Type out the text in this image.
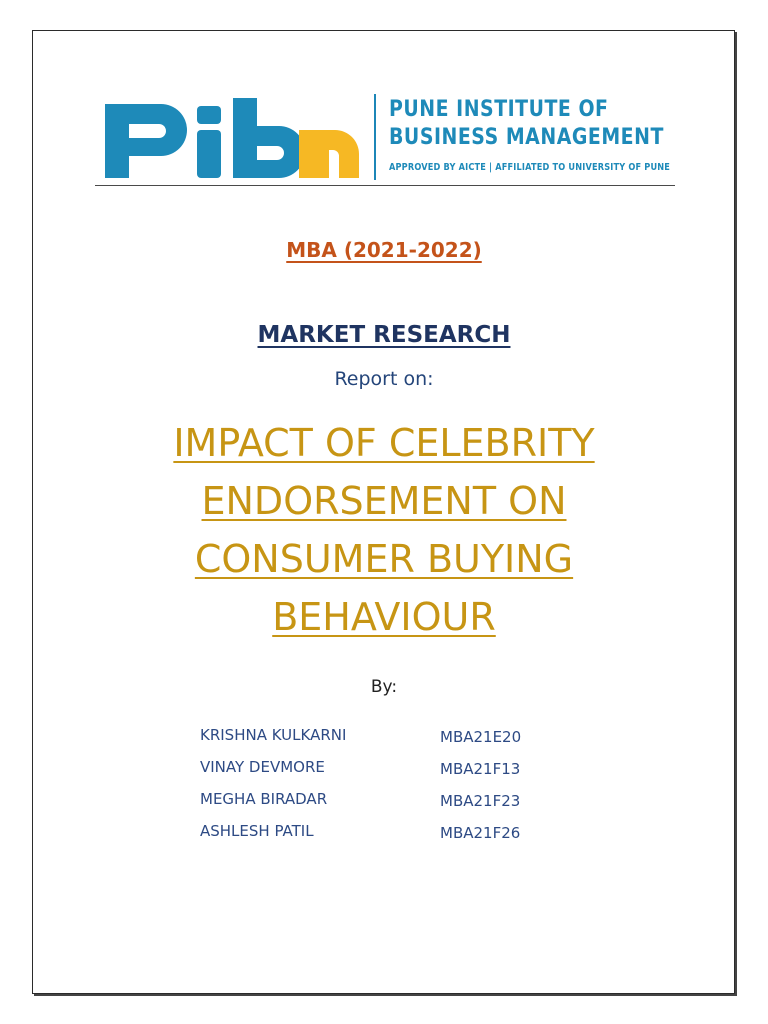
PUNE INSTITUTE OF
BUSINESS MANAGEMENT
APPROVED BY AICTE | AFFILIATED TO UNIVERSITY OF PUNE
MBA (2021-2022)
MARKET RESEARCH
Report on:
IMPACT OF CELEBRITY
ENDORSEMENT ON
CONSUMER BUYING
BEHAVIOUR
By:
KRISHNA KULKARNI	MBA21E20
VINAY DEVMORE	MBA21F13
MEGHA BIRADAR	MBA21F23
ASHLESH PATIL	MBA21F26
